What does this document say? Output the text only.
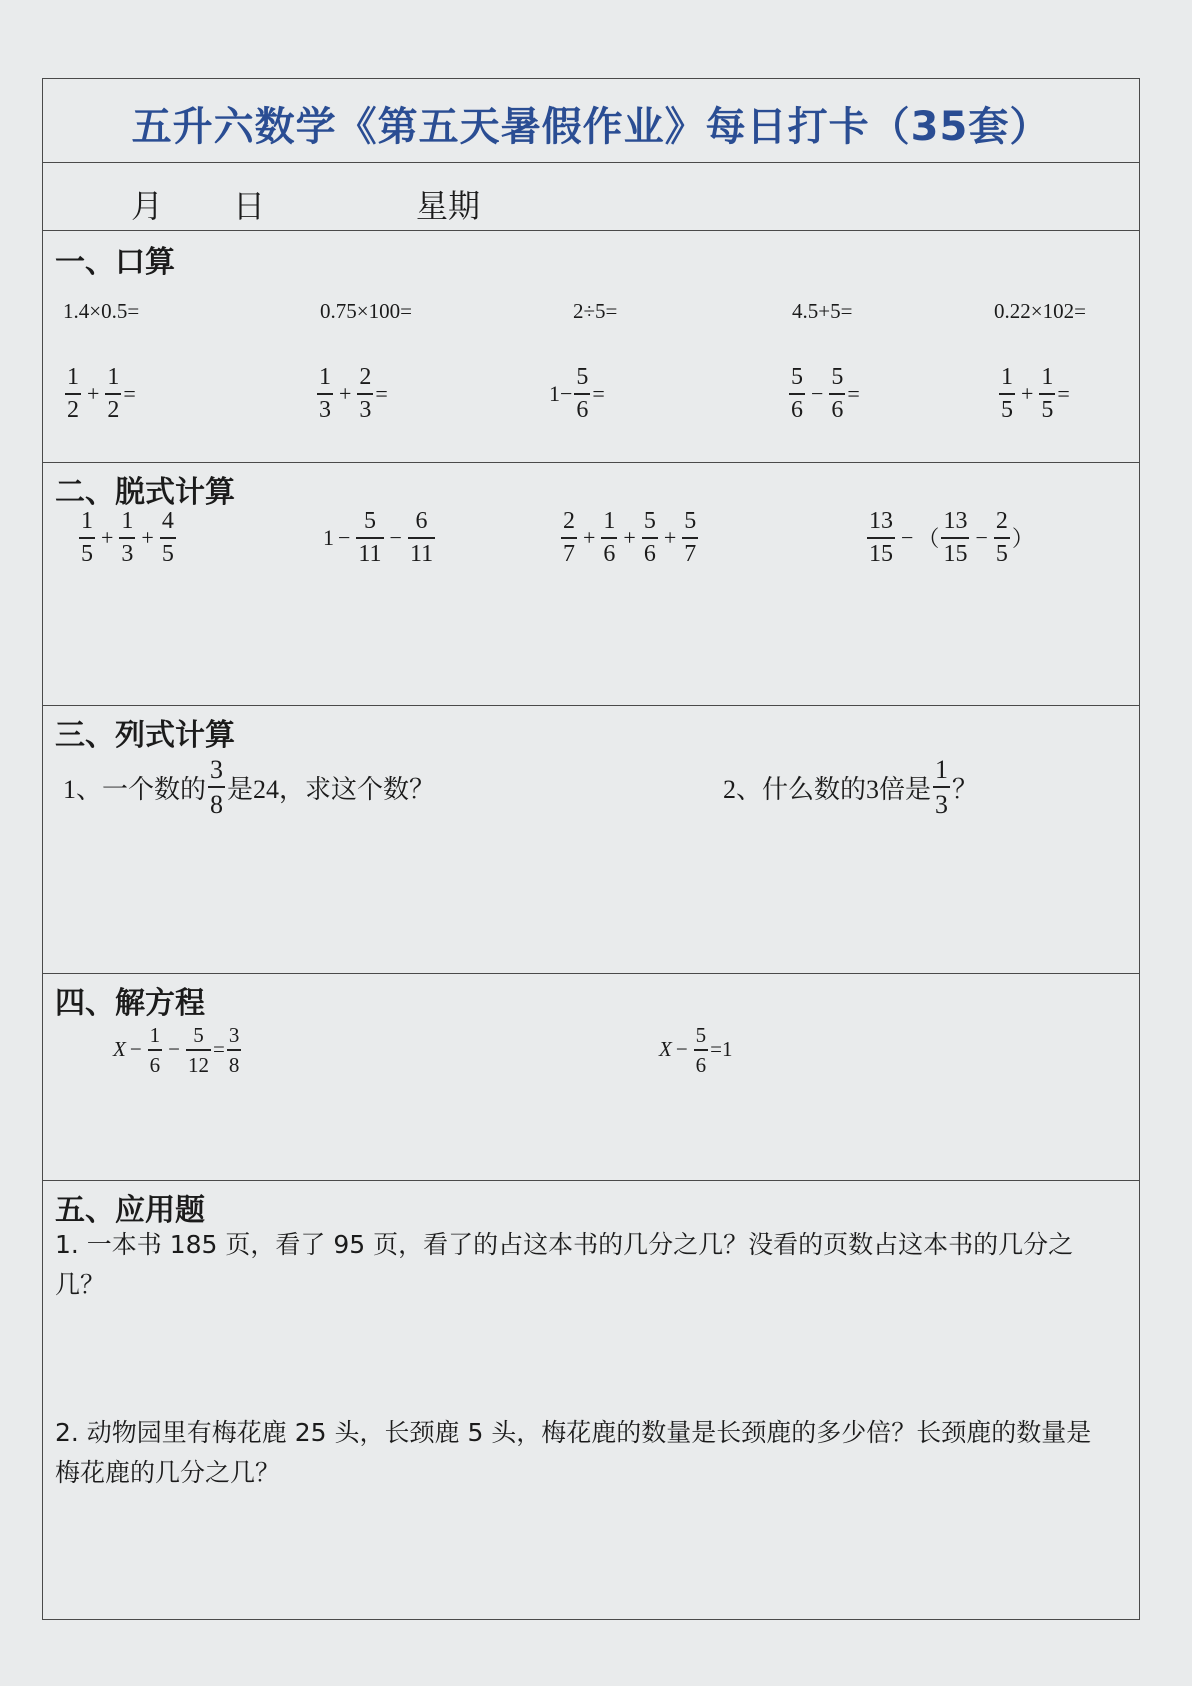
五升六数学《第五天暑假作业》每日打卡（35套）
月 日	星期
一、口算
1.4×0.5=	0.75×100=	2÷5=	4.5+5=	0.22×102=
$\frac{1}{2} + \frac{1}{2}$ =	$\frac{1}{3} + \frac{2}{3}$ =	$1- \frac{5}{6}$ =	$\frac{5}{6} - \frac{5}{6}$ =	$\frac{1}{5} + \frac{1}{5}$ =
二、脱式计算
$\frac{1}{5} + \frac{1}{3} + \frac{4}{5}$	$1 - \frac{5}{11} - \frac{6}{11}$	$\frac{2}{7} + \frac{1}{6} + \frac{5}{6} + \frac{5}{7}$	$\frac{13}{15}$ − （ $\frac{13}{15} - \frac{2}{5}$ ）
三、列式计算
1、一个数的 $\frac{3}{8}$ 是24，求这个数？	2、什么数的3倍是 $\frac{1}{3}$ ？
四、解方程
$X - \frac{1}{6} - \frac{5}{12} = \frac{3}{8}$	$X - \frac{5}{6} = 1$
五、应用题
1. 一本书 185 页，看了 95 页，看了的占这本书的几分之几？没看的页数占这本书的几分之几？
2. 动物园里有梅花鹿 25 头，长颈鹿 5 头，梅花鹿的数量是长颈鹿的多少倍？长颈鹿的数量是梅花鹿的几分之几？
